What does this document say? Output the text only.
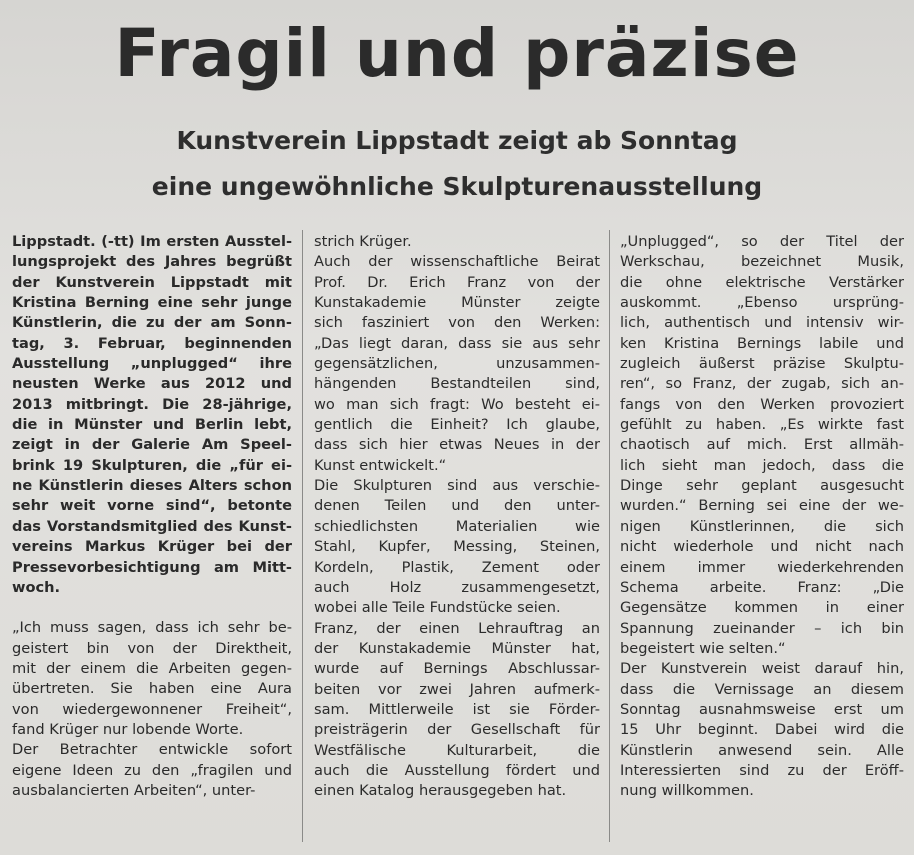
Fragil und präzise
Kunstverein Lippstadt zeigt ab Sonntag
eine ungewöhnliche Skulpturenausstellung
Lippstadt. (-tt) Im ersten Ausstel-
lungsprojekt des Jahres begrüßt
der Kunstverein Lippstadt mit
Kristina Berning eine sehr junge
Künstlerin, die zu der am Sonn-
tag, 3. Februar, beginnenden
Ausstellung „unplugged“ ihre
neusten Werke aus 2012 und
2013 mitbringt. Die 28-jährige,
die in Münster und Berlin lebt,
zeigt in der Galerie Am Speel-
brink 19 Skulpturen, die „für ei-
ne Künstlerin dieses Alters schon
sehr weit vorne sind“, betonte
das Vorstandsmitglied des Kunst-
vereins Markus Krüger bei der
Pressevorbesichtigung am Mitt-
woch.
„Ich muss sagen, dass ich sehr be-
geistert bin von der Direktheit,
mit der einem die Arbeiten gegen-
übertreten. Sie haben eine Aura
von wiedergewonnener Freiheit“,
fand Krüger nur lobende Worte.
Der Betrachter entwickle sofort
eigene Ideen zu den „fragilen und
ausbalancierten Arbeiten“, unter-
strich Krüger.
Auch der wissenschaftliche Beirat
Prof. Dr. Erich Franz von der
Kunstakademie Münster zeigte
sich fasziniert von den Werken:
„Das liegt daran, dass sie aus sehr
gegensätzlichen, unzusammen-
hängenden Bestandteilen sind,
wo man sich fragt: Wo besteht ei-
gentlich die Einheit? Ich glaube,
dass sich hier etwas Neues in der
Kunst entwickelt.“
Die Skulpturen sind aus verschie-
denen Teilen und den unter-
schiedlichsten Materialien wie
Stahl, Kupfer, Messing, Steinen,
Kordeln, Plastik, Zement oder
auch Holz zusammengesetzt,
wobei alle Teile Fundstücke seien.
Franz, der einen Lehrauftrag an
der Kunstakademie Münster hat,
wurde auf Bernings Abschlussar-
beiten vor zwei Jahren aufmerk-
sam. Mittlerweile ist sie Förder-
preisträgerin der Gesellschaft für
Westfälische Kulturarbeit, die
auch die Ausstellung fördert und
einen Katalog herausgegeben hat.
„Unplugged“, so der Titel der
Werkschau, bezeichnet Musik,
die ohne elektrische Verstärker
auskommt. „Ebenso ursprüng-
lich, authentisch und intensiv wir-
ken Kristina Bernings labile und
zugleich äußerst präzise Skulptu-
ren“, so Franz, der zugab, sich an-
fangs von den Werken provoziert
gefühlt zu haben. „Es wirkte fast
chaotisch auf mich. Erst allmäh-
lich sieht man jedoch, dass die
Dinge sehr geplant ausgesucht
wurden.“ Berning sei eine der we-
nigen Künstlerinnen, die sich
nicht wiederhole und nicht nach
einem immer wiederkehrenden
Schema arbeite. Franz: „Die
Gegensätze kommen in einer
Spannung zueinander – ich bin
begeistert wie selten.“
Der Kunstverein weist darauf hin,
dass die Vernissage an diesem
Sonntag ausnahmsweise erst um
15 Uhr beginnt. Dabei wird die
Künstlerin anwesend sein. Alle
Interessierten sind zu der Eröff-
nung willkommen.
